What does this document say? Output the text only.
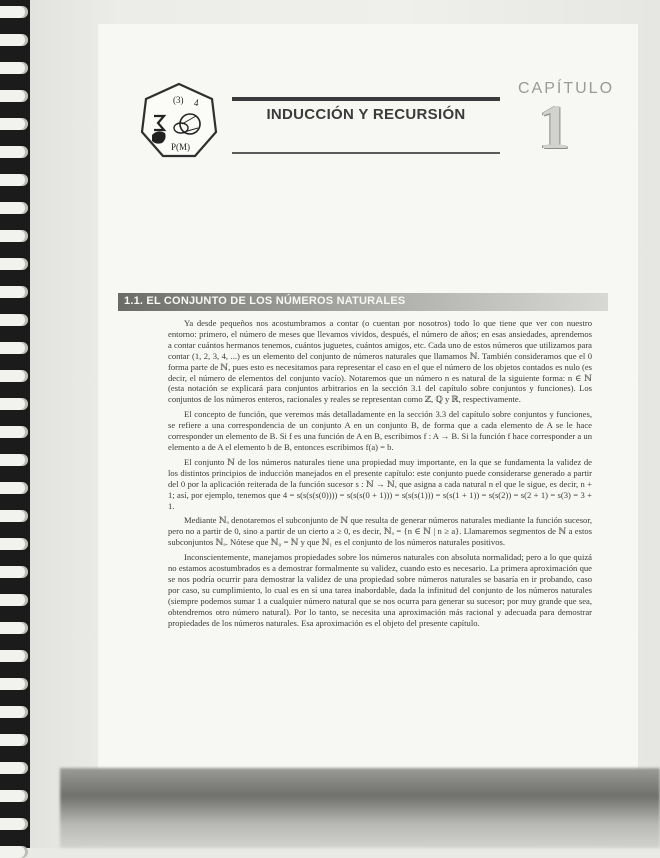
(3) 4
P(M)
INDUCCIÓN Y RECURSIÓN
CAPÍTULO
1
1.1. EL CONJUNTO DE LOS NÚMEROS NATURALES

Ya desde pequeños nos acostumbramos a contar (o cuentan por nosotros) todo lo que tiene que ver con nuestro entorno: primero, el número de meses que llevamos vividos, después, el número de años; en esas ansiedades, aprendemos a contar cuántos hermanos tenemos, cuántos juguetes, cuántos amigos, etc. Cada uno de estos números que utilizamos para contar (1, 2, 3, 4, ...) es un elemento del conjunto de números naturales que llamamos ℕ. También consideramos que el 0 forma parte de ℕ, pues esto es necesitamos para representar el caso en el que el número de los objetos contados es nulo (es decir, el número de elementos del conjunto vacío). Notaremos que un número n es natural de la siguiente forma: n ∈ ℕ (esta notación se explicará para conjuntos arbitrarios en la sección 3.1 del capítulo sobre conjuntos y funciones). Los conjuntos de los números enteros, racionales y reales se representan como ℤ, ℚ y ℝ, respectivamente.

El concepto de función, que veremos más detalladamente en la sección 3.3 del capítulo sobre conjuntos y funciones, se refiere a una correspondencia de un conjunto A en un conjunto B, de forma que a cada elemento de A se le hace corresponder un elemento de B. Si f es una función de A en B, escribimos f : A → B. Si la función f hace corresponder a un elemento a de A el elemento b de B, entonces escribimos f(a) = b.

El conjunto ℕ de los números naturales tiene una propiedad muy importante, en la que se fundamenta la validez de los distintos principios de inducción manejados en el presente capítulo: este conjunto puede considerarse generado a partir del 0 por la aplicación reiterada de la función sucesor s : ℕ → ℕ, que asigna a cada natural n el que le sigue, es decir, n + 1; así, por ejemplo, tenemos que 4 = s(s(s(s(0)))) = s(s(s(0 + 1))) = s(s(s(1))) = s(s(1 + 1)) = s(s(2)) = s(2 + 1) = s(3) = 3 + 1.

Mediante ℕₐ denotaremos el subconjunto de ℕ que resulta de generar números naturales mediante la función sucesor, pero no a partir de 0, sino a partir de un cierto a ≥ 0, es decir, ℕₐ = {n ∈ ℕ | n ≥ a}. Llamaremos segmentos de ℕ a estos subconjuntos ℕₐ. Nótese que ℕ₀ = ℕ y que ℕ₁ es el conjunto de los números naturales positivos.

Inconscientemente, manejamos propiedades sobre los números naturales con absoluta normalidad; pero a lo que quizá no estamos acostumbrados es a demostrar formalmente su validez, cuando esto es necesario. La primera aproximación que se nos podría ocurrir para demostrar la validez de una propiedad sobre números naturales se basaría en ir probando, caso por caso, su cumplimiento, lo cual es en sí una tarea inabordable, dada la infinitud del conjunto de los números naturales (siempre podemos sumar 1 a cualquier número natural que se nos ocurra para generar su sucesor; por muy grande que sea, obtendremos otro número natural). Por lo tanto, se necesita una aproximación más racional y adecuada para demostrar propiedades de los números naturales. Esa aproximación es el objeto del presente capítulo.
